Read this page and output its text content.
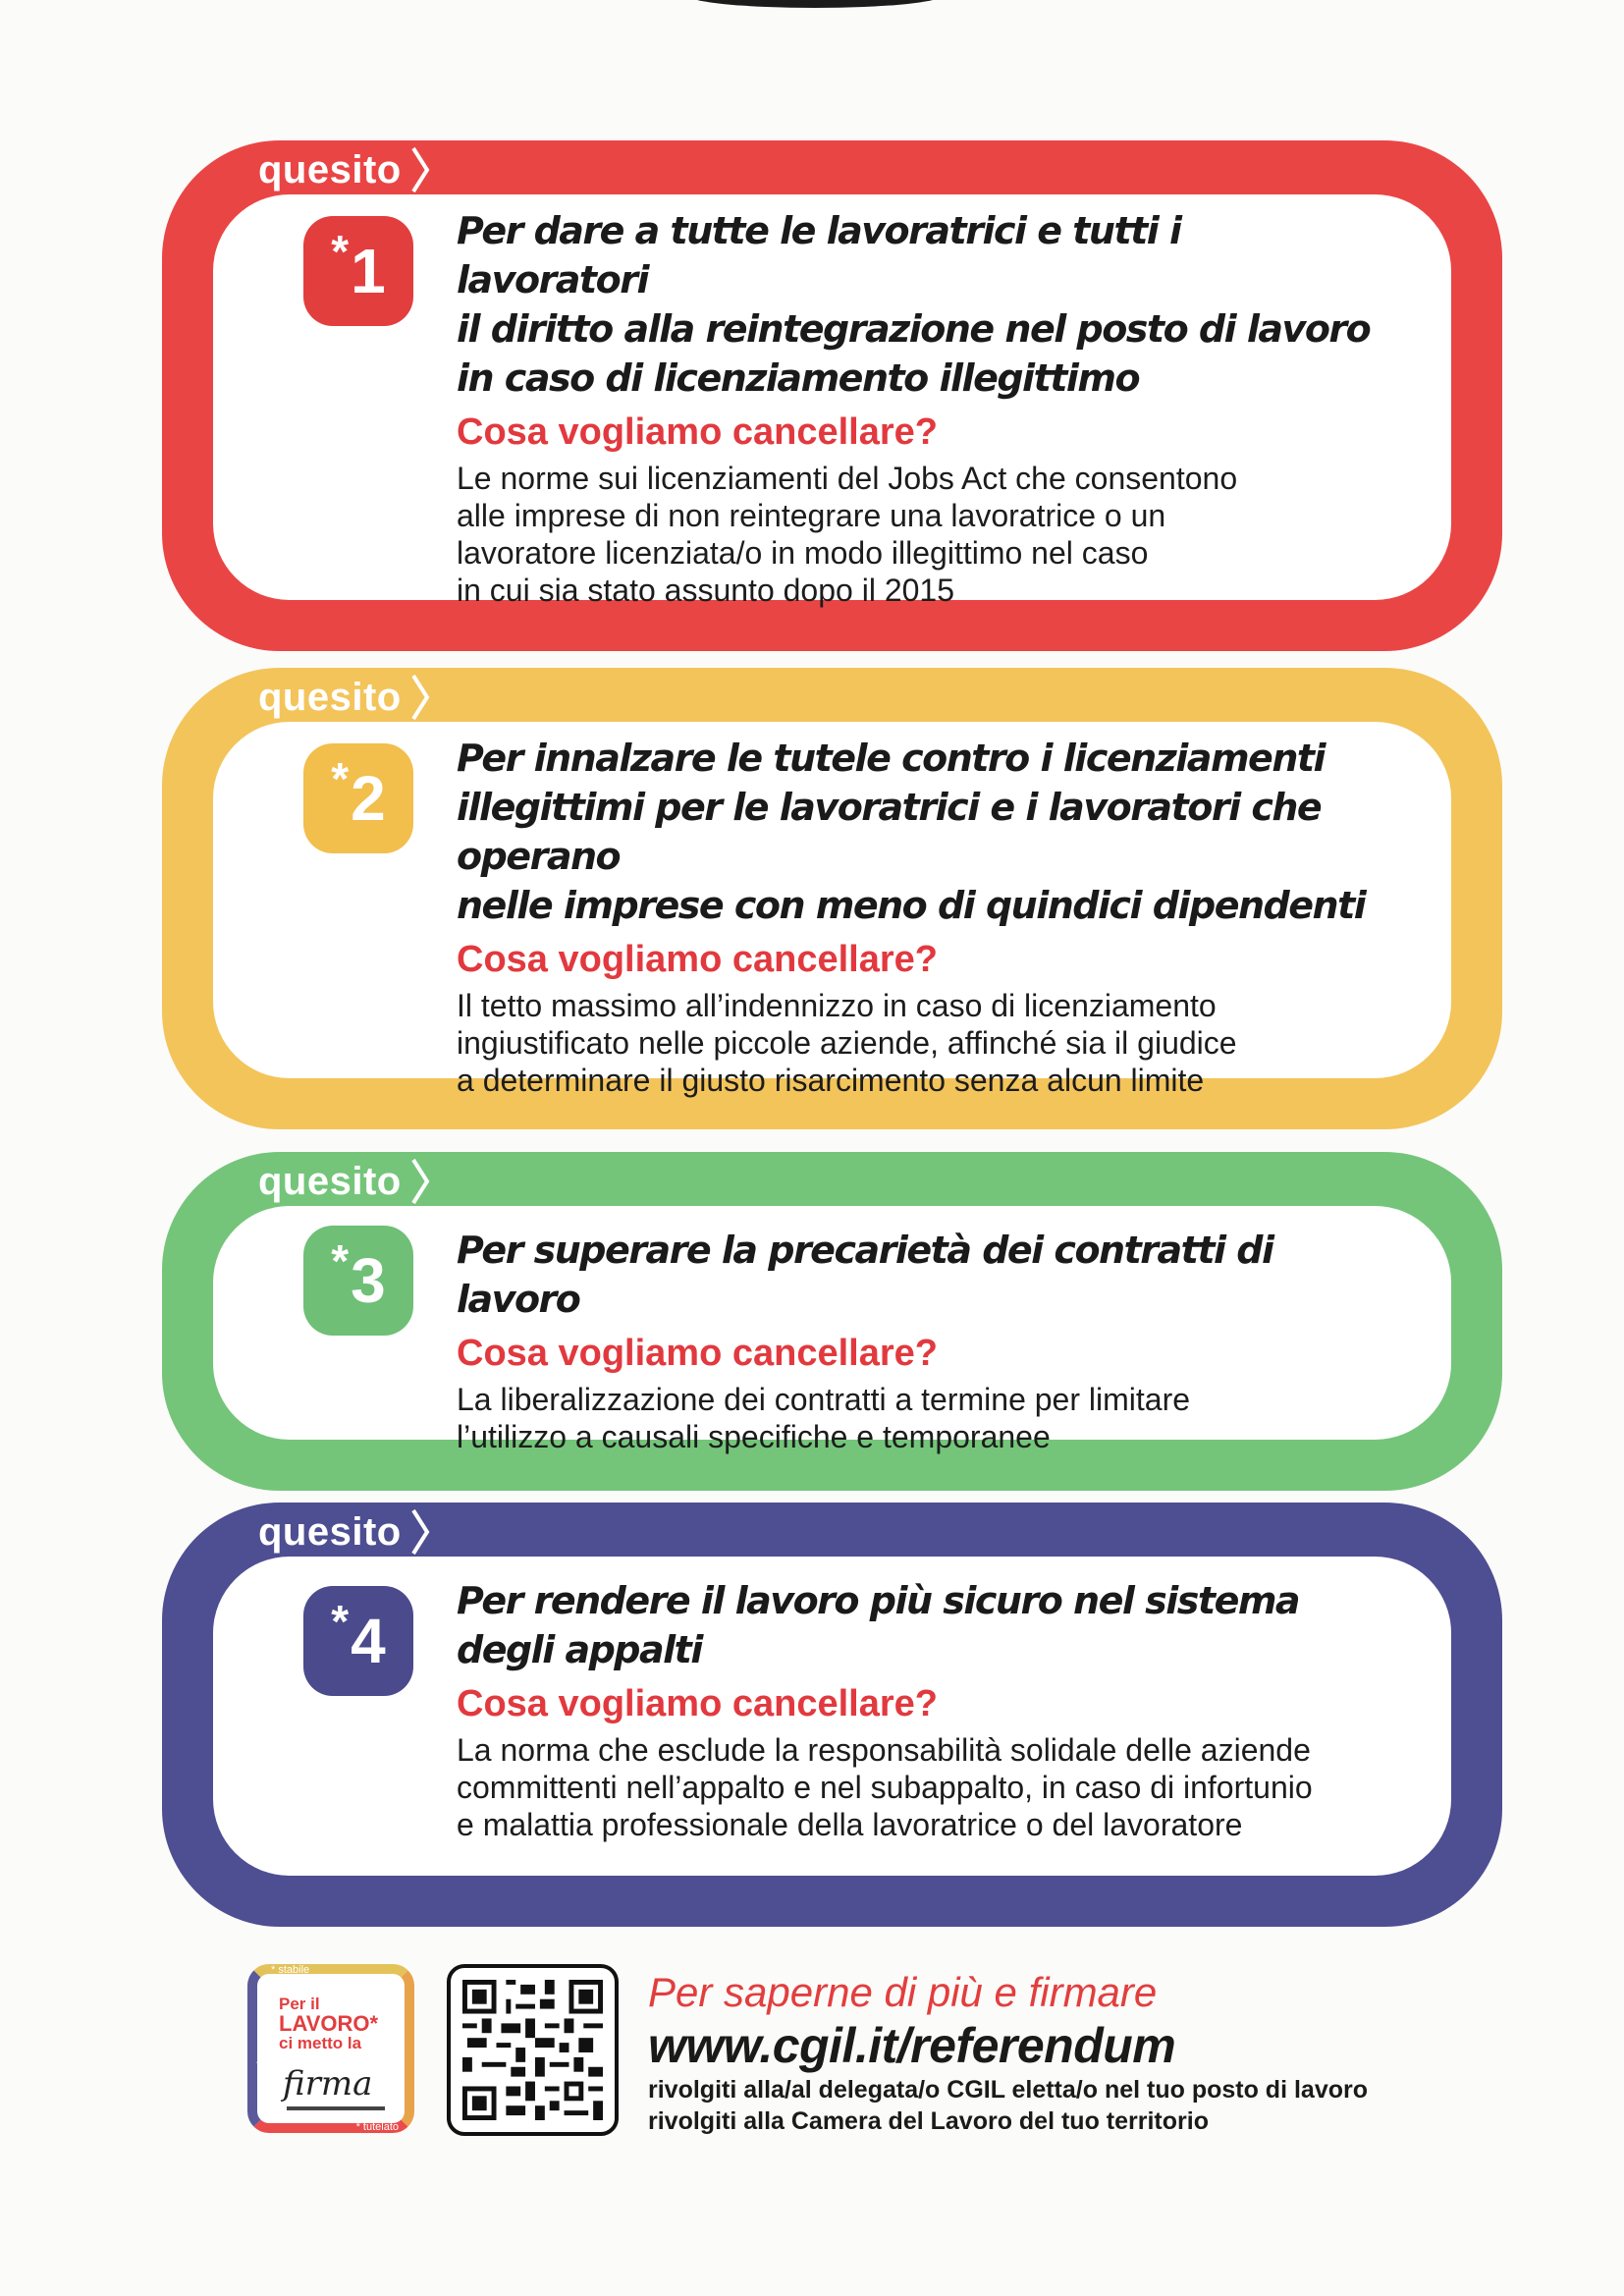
quesito
* 1

Per dare a tutte le lavoratrici e tutti i lavoratori
il diritto alla reintegrazione nel posto di lavoro
in caso di licenziamento illegittimo

Cosa vogliamo cancellare?

Le norme sui licenziamenti del Jobs Act che consentono
alle imprese di non reintegrare una lavoratrice o un
lavoratore licenziata/o in modo illegittimo nel caso
in cui sia stato assunto dopo il 2015

quesito
* 2

Per innalzare le tutele contro i licenziamenti
illegittimi per le lavoratrici e i lavoratori che operano
nelle imprese con meno di quindici dipendenti

Cosa vogliamo cancellare?

Il tetto massimo all’indennizzo in caso di licenziamento
ingiustificato nelle piccole aziende, affinché sia il giudice
a determinare il giusto risarcimento senza alcun limite

quesito
* 3 Per superare la precarietà dei contratti di lavoro

Cosa vogliamo cancellare?

La liberalizzazione dei contratti a termine per limitare
l’utilizzo a causali specifiche e temporanee

quesito
* 4

Per rendere il lavoro più sicuro nel sistema
degli appalti

Cosa vogliamo cancellare?

La norma che esclude la responsabilità solidale delle aziende
committenti nell’appalto e nel subappalto, in caso di infortunio
e malattia professionale della lavoratrice o del lavoratore

* stabile
* tutelato
* sicuro
Per il
LAVORO*
ci metto la
firma

Per saperne di più e firmare

www.cgil.it/referendum

rivolgiti alla/al delegata/o CGIL eletta/o nel tuo posto di lavoro

rivolgiti alla Camera del Lavoro del tuo territorio
